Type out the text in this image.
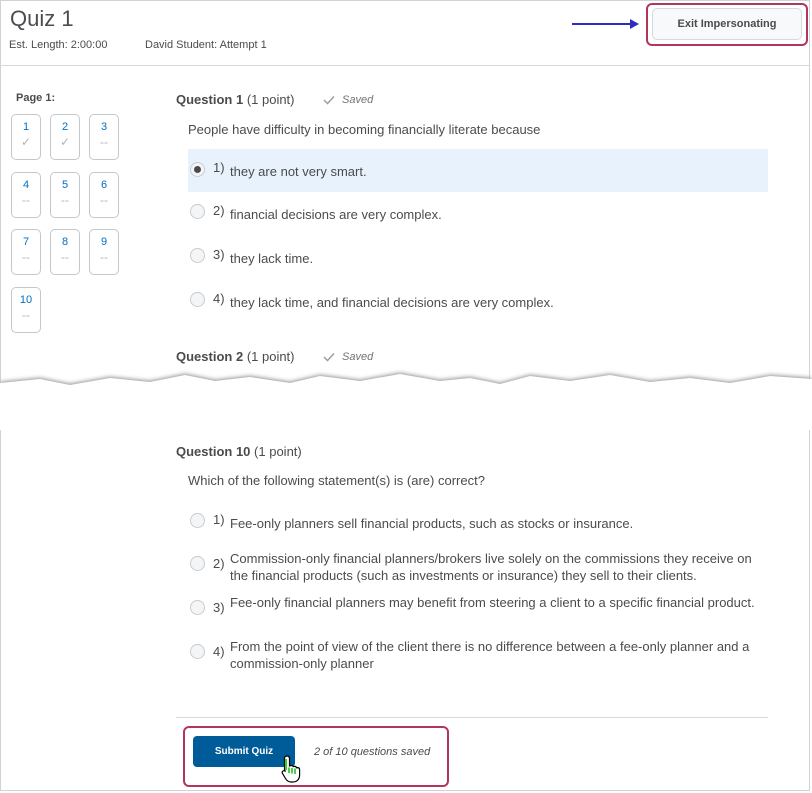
Quiz 1
Est. Length: 2:00:00	David Student: Attempt 1
Exit Impersonating
Page 1:
1
✓
2
✓
3
--
4
--
5
--
6
--
7
--
8
--
9
--
10
--
Question 1 (1 point)	Saved
People have difficulty in becoming financially literate because
1) they are not very smart.
2) financial decisions are very complex.
3) they lack time.
4) they lack time, and financial decisions are very complex.
Question 2 (1 point)	Saved
Question 10 (1 point)
Which of the following statement(s) is (are) correct?
1) Fee-only planners sell financial products, such as stocks or insurance.
2) Commission-only financial planners/brokers live solely on the commissions they receive on the financial products (such as investments or insurance) they sell to their clients.
3) Fee-only financial planners may benefit from steering a client to a specific financial product.
4) From the point of view of the client there is no difference between a fee-only planner and a commission-only planner
Submit Quiz	2 of 10 questions saved
